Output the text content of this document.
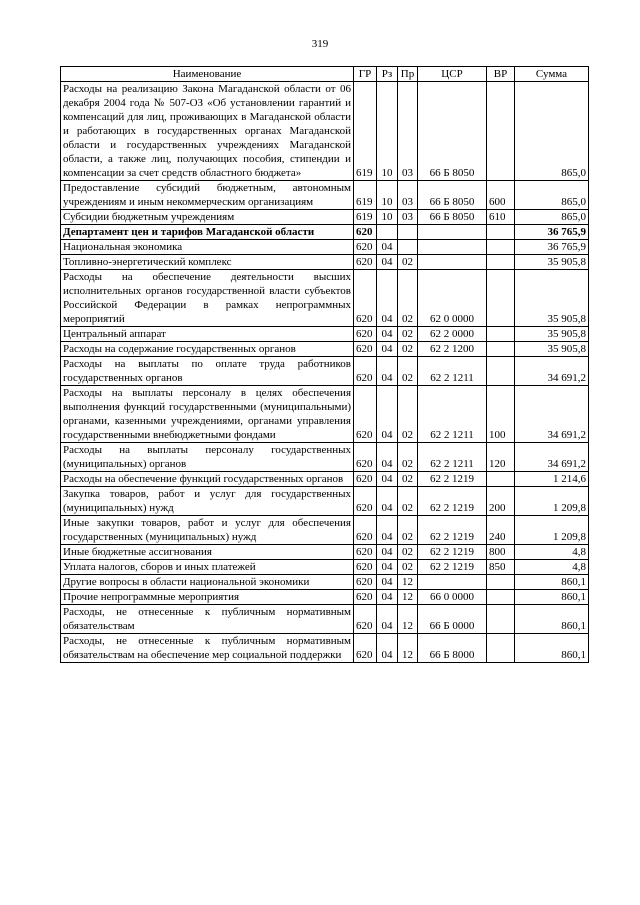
319
Наименование	ГР	Рз	Пр	ЦСР	ВР	Сумма
Расходы на реализацию Закона Магаданской области от 06 декабря 2004 года № 507-ОЗ «Об установлении гарантий и компенсаций для лиц, проживающих в Магаданской области и работающих в государственных органах Магаданской области и государственных учреждениях Магаданской области, а также лиц, получающих пособия, стипендии и компенсации за счет средств областного бюджета»	619	10	03	66 Б 8050		865,0
Предоставление субсидий бюджетным, автономным учреждениям и иным некоммерческим организациям	619	10	03	66 Б 8050	600	865,0
Субсидии бюджетным учреждениям	619	10	03	66 Б 8050	610	865,0
Департамент цен и тарифов Магаданской области	620					36 765,9
Национальная экономика	620	04				36 765,9
Топливно-энергетический комплекс	620	04	02			35 905,8
Расходы на обеспечение деятельности высших исполнительных органов государственной власти субъектов Российской Федерации в рамках непрограммных мероприятий	620	04	02	62 0 0000		35 905,8
Центральный аппарат	620	04	02	62 2 0000		35 905,8
Расходы на содержание государственных органов	620	04	02	62 2 1200		35 905,8
Расходы на выплаты по оплате труда работников государственных органов	620	04	02	62 2 1211		34 691,2
Расходы на выплаты персоналу в целях обеспечения выполнения функций государственными (муниципальными) органами, казенными учреждениями, органами управления государственными внебюджетными фондами	620	04	02	62 2 1211	100	34 691,2
Расходы на выплаты персоналу государственных (муниципальных) органов	620	04	02	62 2 1211	120	34 691,2
Расходы на обеспечение функций государственных органов	620	04	02	62 2 1219		1 214,6
Закупка товаров, работ и услуг для государственных (муниципальных) нужд	620	04	02	62 2 1219	200	1 209,8
Иные закупки товаров, работ и услуг для обеспечения государственных (муниципальных) нужд	620	04	02	62 2 1219	240	1 209,8
Иные бюджетные ассигнования	620	04	02	62 2 1219	800	4,8
Уплата налогов, сборов и иных платежей	620	04	02	62 2 1219	850	4,8
Другие вопросы в области национальной экономики	620	04	12			860,1
Прочие непрограммные мероприятия	620	04	12	66 0 0000		860,1
Расходы, не отнесенные к публичным нормативным обязательствам	620	04	12	66 Б 0000		860,1
Расходы, не отнесенные к публичным нормативным обязательствам на обеспечение мер социальной поддержки	620	04	12	66 Б 8000		860,1
